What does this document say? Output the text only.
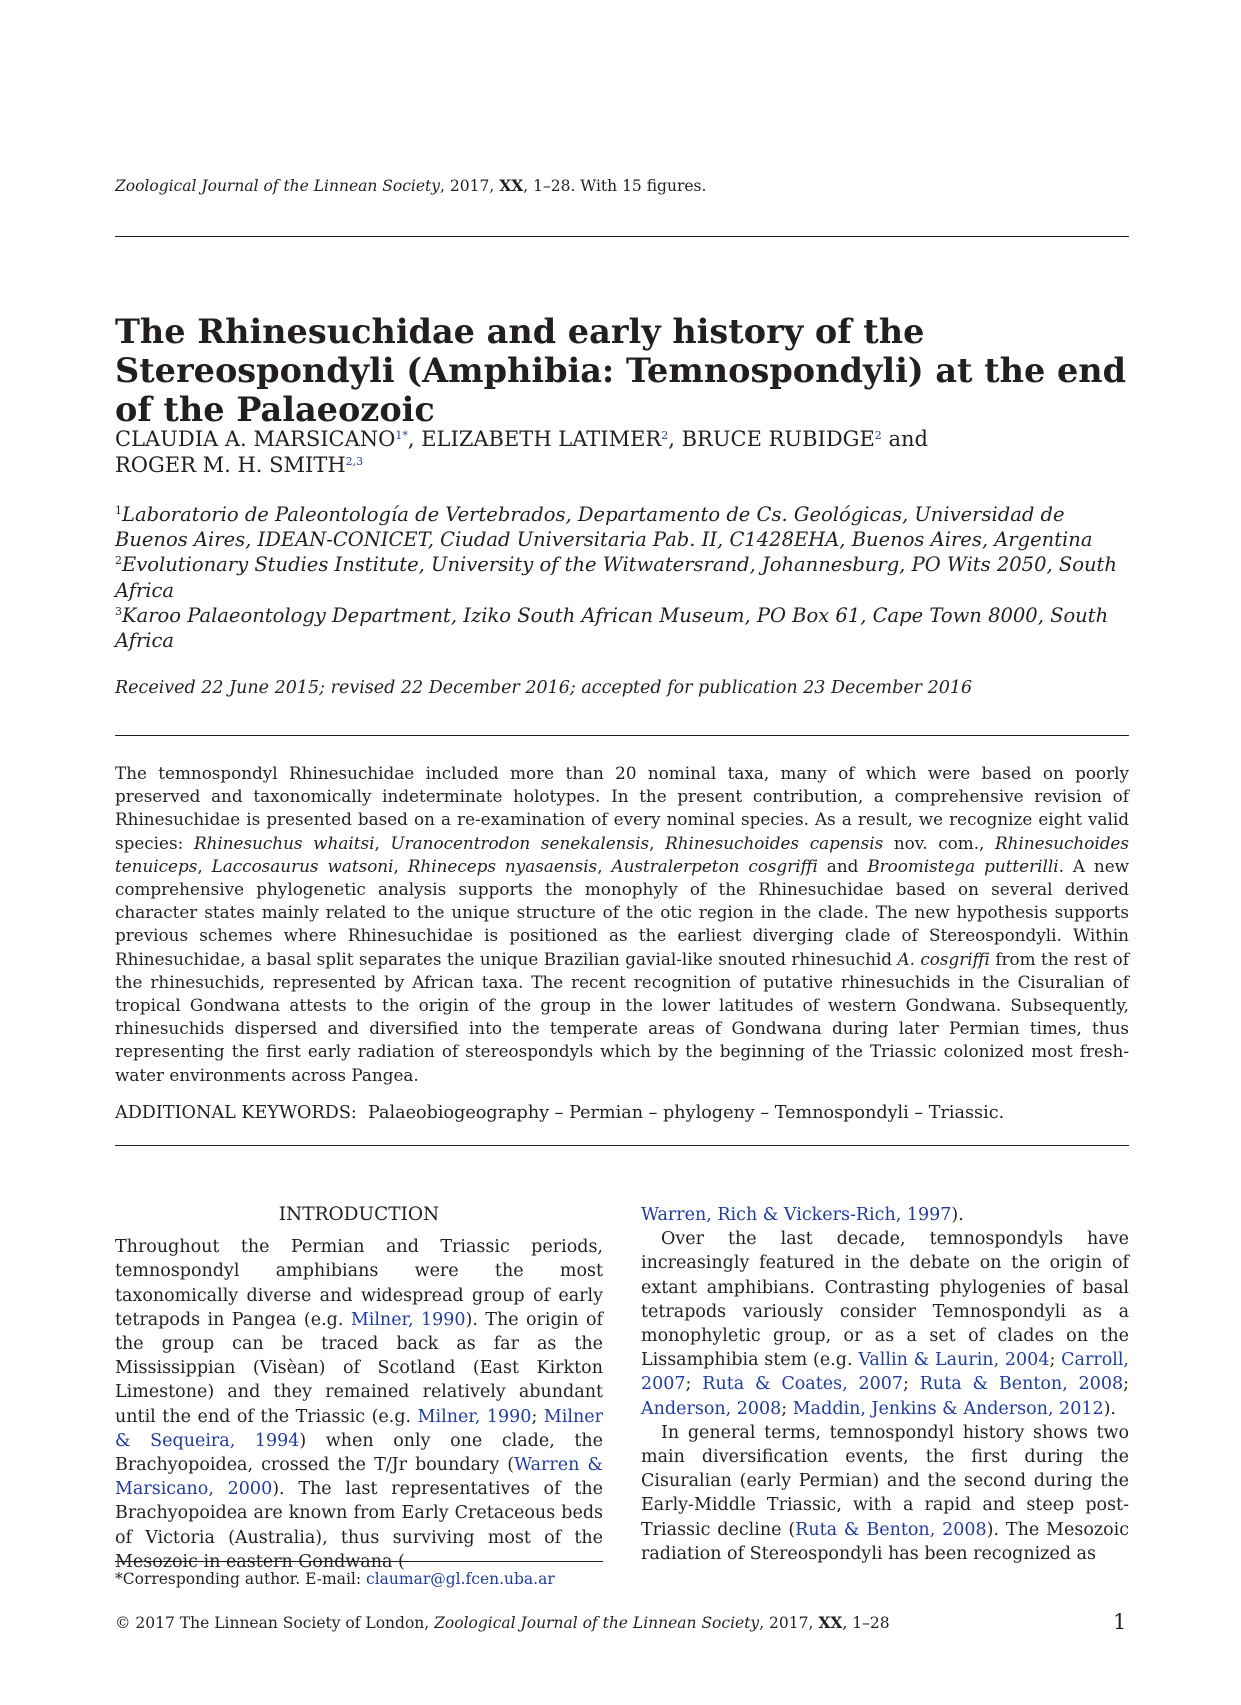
Zoological Journal of the Linnean Society, 2017, XX, 1–28. With 15 figures.
The Rhinesuchidae and early history of the Stereospondyli (Amphibia: Temnospondyli) at the end of the Palaeozoic
CLAUDIA A. MARSICANO$^{1*}$, ELIZABETH LATIMER$^2$, BRUCE RUBIDGE$^2$ and
ROGER M. H. SMITH$^{2,3}$
$^1$Laboratorio de Paleontología de Vertebrados, Departamento de Cs. Geológicas, Universidad de Buenos Aires, IDEAN-CONICET, Ciudad Universitaria Pab. II, C1428EHA, Buenos Aires, Argentina
$^2$Evolutionary Studies Institute, University of the Witwatersrand, Johannesburg, PO Wits 2050, South Africa
$^3$Karoo Palaeontology Department, Iziko South African Museum, PO Box 61, Cape Town 8000, South Africa
Received 22 June 2015; revised 22 December 2016; accepted for publication 23 December 2016
The temnospondyl Rhinesuchidae included more than 20 nominal taxa, many of which were based on poorly preserved and taxonomically indeterminate holotypes. In the present contribution, a comprehensive revision of Rhinesuchidae is presented based on a re-examination of every nominal species. As a result, we recognize eight valid species: Rhinesuchus whaitsi, Uranocentrodon senekalensis, Rhinesuchoides capensis nov. com., Rhinesuchoides tenuiceps, Laccosaurus watsoni, Rhineceps nyasaensis, Australerpeton cosgriffi and Broomistega putterilli. A new comprehensive phylogenetic analysis supports the monophyly of the Rhinesuchidae based on several derived character states mainly related to the unique structure of the otic region in the clade. The new hypothesis supports previous schemes where Rhinesuchidae is positioned as the earliest diverging clade of Stereospondyli. Within Rhinesuchidae, a basal split separates the unique Brazilian gavial-like snouted rhinesuchid A. cosgriffi from the rest of the rhinesuchids, represented by African taxa. The recent recognition of putative rhinesuchids in the Cisuralian of tropical Gondwana attests to the origin of the group in the lower latitudes of western Gondwana. Subsequently, rhinesuchids dispersed and diversified into the temperate areas of Gondwana during later Permian times, thus representing the first early radiation of stereospondyls which by the beginning of the Triassic colonized most fresh-water environments across Pangea.
ADDITIONAL KEYWORDS: Palaeobiogeography – Permian – phylogeny – Temnospondyli – Triassic.
INTRODUCTION

Throughout the Permian and Triassic periods, temnospondyl amphibians were the most taxonomically diverse and widespread group of early tetrapods in Pangea (e.g. Milner, 1990). The origin of the group can be traced back as far as the Mississippian (Visèan) of Scotland (East Kirkton Limestone) and they remained relatively abundant until the end of the Triassic (e.g. Milner, 1990; Milner & Sequeira, 1994) when only one clade, the Brachyopoidea, crossed the T/Jr boundary (Warren & Marsicano, 2000). The last representatives of the Brachyopoidea are known from Early Cretaceous beds of Victoria (Australia), thus surviving most of the Mesozoic in eastern Gondwana (

Warren, Rich & Vickers-Rich, 1997).

Over the last decade, temnospondyls have increasingly featured in the debate on the origin of extant amphibians. Contrasting phylogenies of basal tetrapods variously consider Temnospondyli as a monophyletic group, or as a set of clades on the Lissamphibia stem (e.g. Vallin & Laurin, 2004; Carroll, 2007; Ruta & Coates, 2007; Ruta & Benton, 2008; Anderson, 2008; Maddin, Jenkins & Anderson, 2012).

In general terms, temnospondyl history shows two main diversification events, the first during the Cisuralian (early Permian) and the second during the Early-Middle Triassic, with a rapid and steep post-Triassic decline (Ruta & Benton, 2008). The Mesozoic radiation of Stereospondyli has been recognized as

*Corresponding author. E-mail: claumar@gl.fcen.uba.ar
© 2017 The Linnean Society of London, Zoological Journal of the Linnean Society, 2017, XX, 1–28	1
